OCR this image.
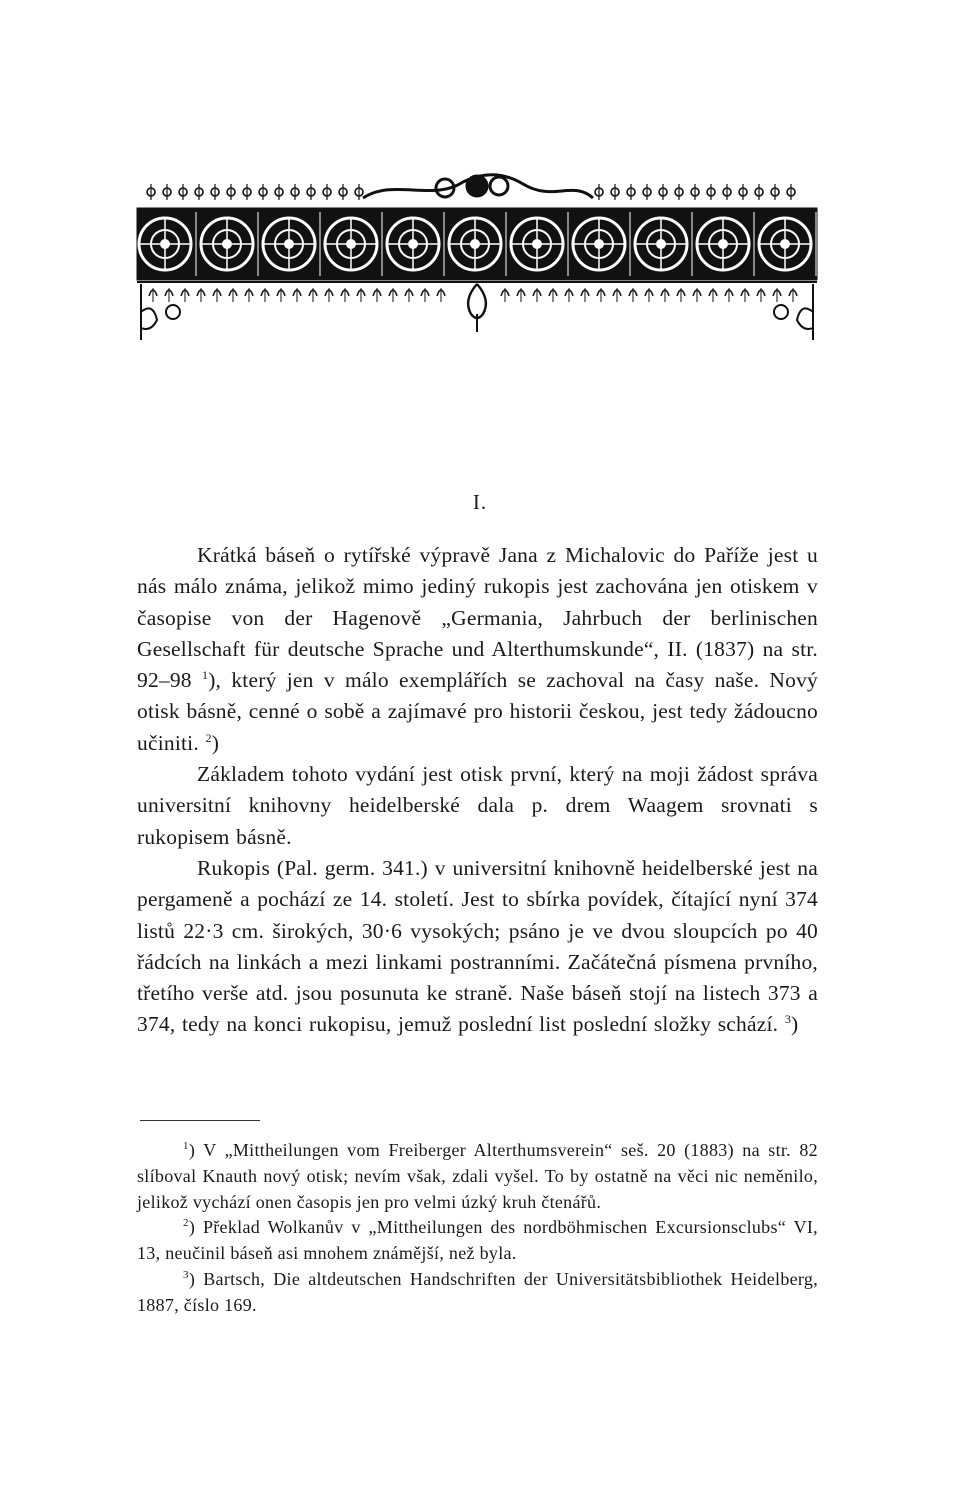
I.

Krátká báseň o rytířské výpravě Jana z Michalovic do Paříže jest u nás málo známa, jelikož mimo jediný rukopis jest zachována jen otiskem v časopise von der Hagenově „Germania, Jahrbuch der berlinischen Gesellschaft für deutsche Sprache und Alterthumskunde“, II. (1837) na str. 92–98 $^1$), který jen v málo exemplářích se zachoval na časy naše. Nový otisk básně, cenné o sobě a zajímavé pro historii českou, jest tedy žádoucno učiniti. $^2$)

Základem tohoto vydání jest otisk první, který na moji žádost správa universitní knihovny heidelberské dala p. drem Waagem srovnati s rukopisem básně.

Rukopis (Pal. germ. 341.) v universitní knihovně heidelberské jest na pergameně a pochází ze 14. století. Jest to sbírka povídek, čítající nyní 374 listů 22·3 cm. širokých, 30·6 vysokých; psáno je ve dvou sloupcích po 40 řádcích na linkách a mezi linkami postranními. Začátečná písmena prvního, třetího verše atd. jsou posunuta ke straně. Naše báseň stojí na listech 373 a 374, tedy na konci rukopisu, jemuž poslední list poslední složky schází. $^3$)

$^1$) V „Mittheilungen vom Freiberger Alterthumsverein“ seš. 20 (1883) na str. 82 slíboval Knauth nový otisk; nevím však, zdali vyšel. To by ostatně na věci nic neměnilo, jelikož vychází onen časopis jen pro velmi úzký kruh čtenářů.

$^2$) Překlad Wolkanův v „Mittheilungen des nordböhmischen Excursionsclubs“ VI, 13, neučinil báseň asi mnohem známější, než byla.

$^3$) Bartsch, Die altdeutschen Handschriften der Universitätsbibliothek Heidelberg, 1887, číslo 169.
